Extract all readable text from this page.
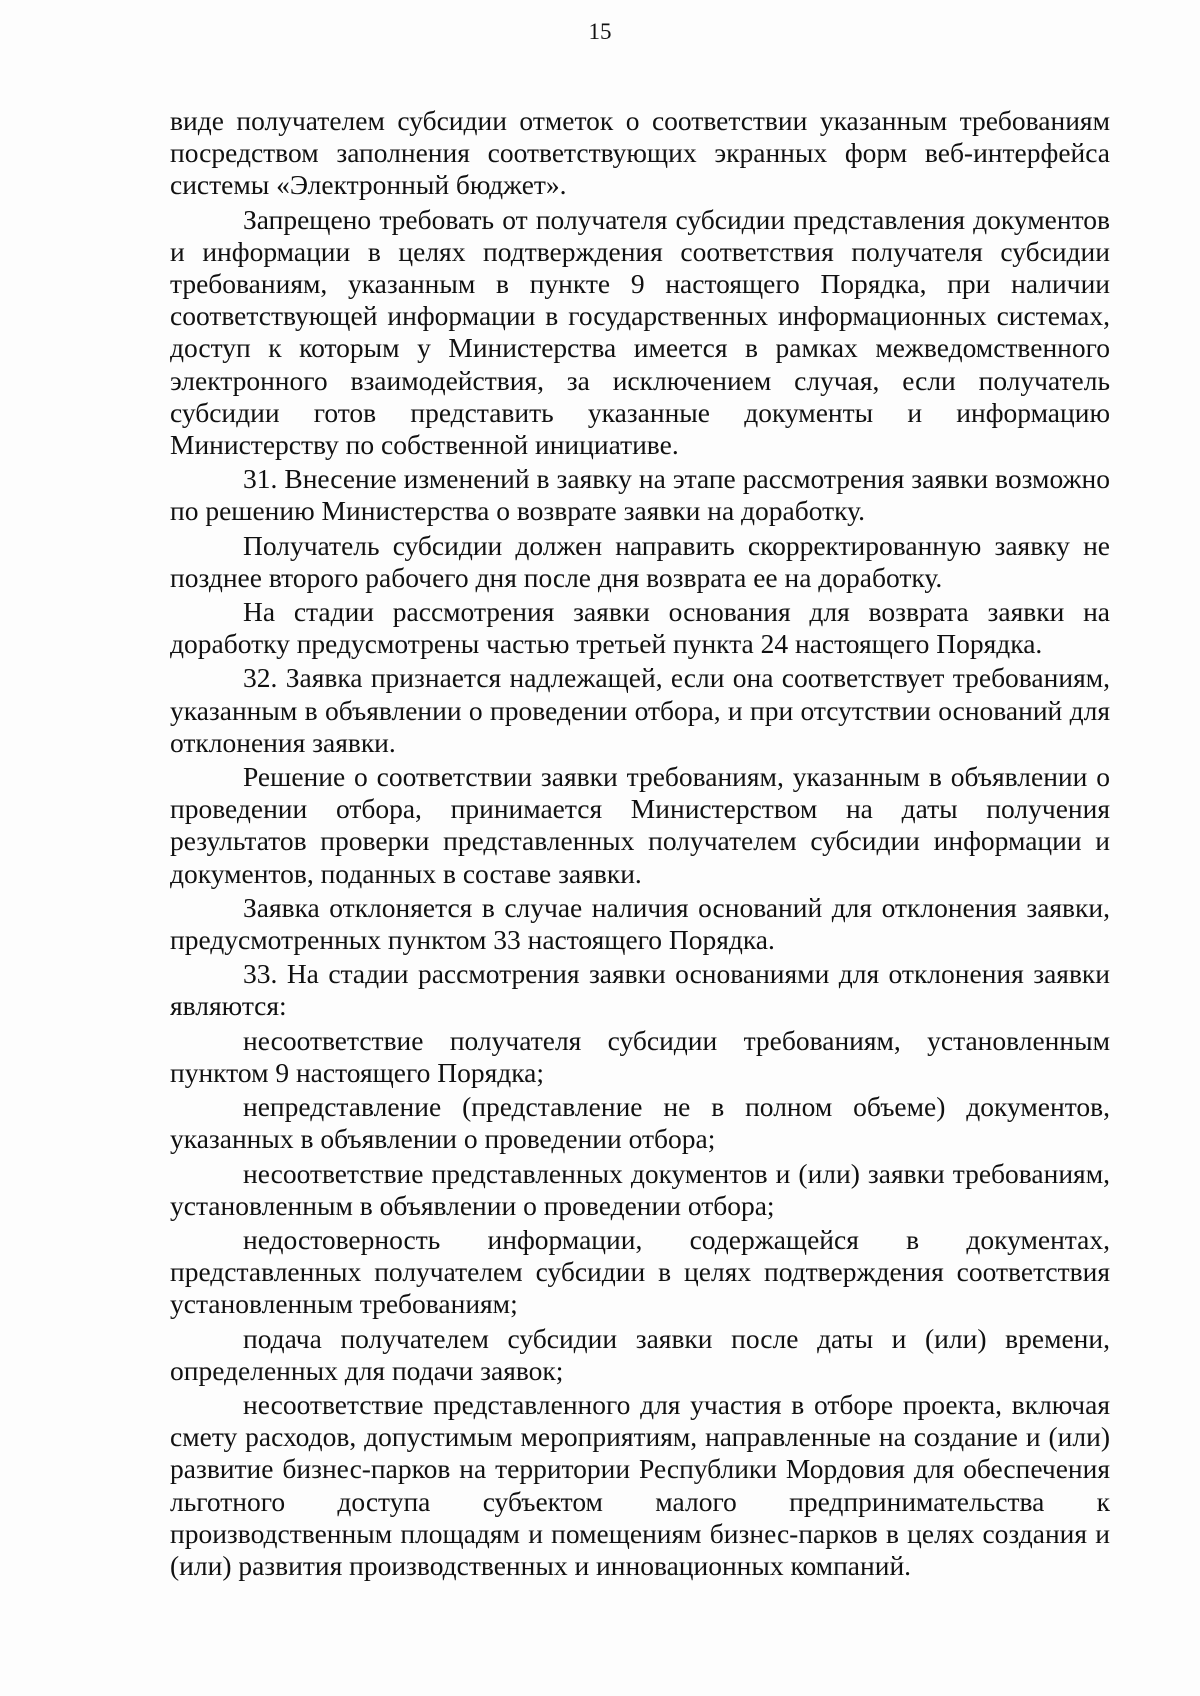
15

виде получателем субсидии отметок о соответствии указанным требованиям посредством заполнения соответствующих экранных форм веб-интерфейса системы «Электронный бюджет».

Запрещено требовать от получателя субсидии представления документов и информации в целях подтверждения соответствия получателя субсидии требованиям, указанным в пункте 9 настоящего Порядка, при наличии соответствующей информации в государственных информационных системах, доступ к которым у Министерства имеется в рамках межведомственного электронного взаимодействия, за исключением случая, если получатель субсидии готов представить указанные документы и информацию Министерству по собственной инициативе.

31. Внесение изменений в заявку на этапе рассмотрения заявки возможно по решению Министерства о возврате заявки на доработку.

Получатель субсидии должен направить скорректированную заявку не позднее второго рабочего дня после дня возврата ее на доработку.

На стадии рассмотрения заявки основания для возврата заявки на доработку предусмотрены частью третьей пункта 24 настоящего Порядка.

32. Заявка признается надлежащей, если она соответствует требованиям, указанным в объявлении о проведении отбора, и при отсутствии оснований для отклонения заявки.

Решение о соответствии заявки требованиям, указанным в объявлении о проведении отбора, принимается Министерством на даты получения результатов проверки представленных получателем субсидии информации и документов, поданных в составе заявки.

Заявка отклоняется в случае наличия оснований для отклонения заявки, предусмотренных пунктом 33 настоящего Порядка.

33. На стадии рассмотрения заявки основаниями для отклонения заявки являются:

несоответствие получателя субсидии требованиям, установленным пунктом 9 настоящего Порядка;

непредставление (представление не в полном объеме) документов, указанных в объявлении о проведении отбора;

несоответствие представленных документов и (или) заявки требованиям, установленным в объявлении о проведении отбора;

недостоверность информации, содержащейся в документах, представленных получателем субсидии в целях подтверждения соответствия установленным требованиям;

подача получателем субсидии заявки после даты и (или) времени, определенных для подачи заявок;

несоответствие представленного для участия в отборе проекта, включая смету расходов, допустимым мероприятиям, направленные на создание и (или) развитие бизнес-парков на территории Республики Мордовия для обеспечения льготного доступа субъектом малого предпринимательства к производственным площадям и помещениям бизнес-парков в целях создания и (или) развития производственных и инновационных компаний.
